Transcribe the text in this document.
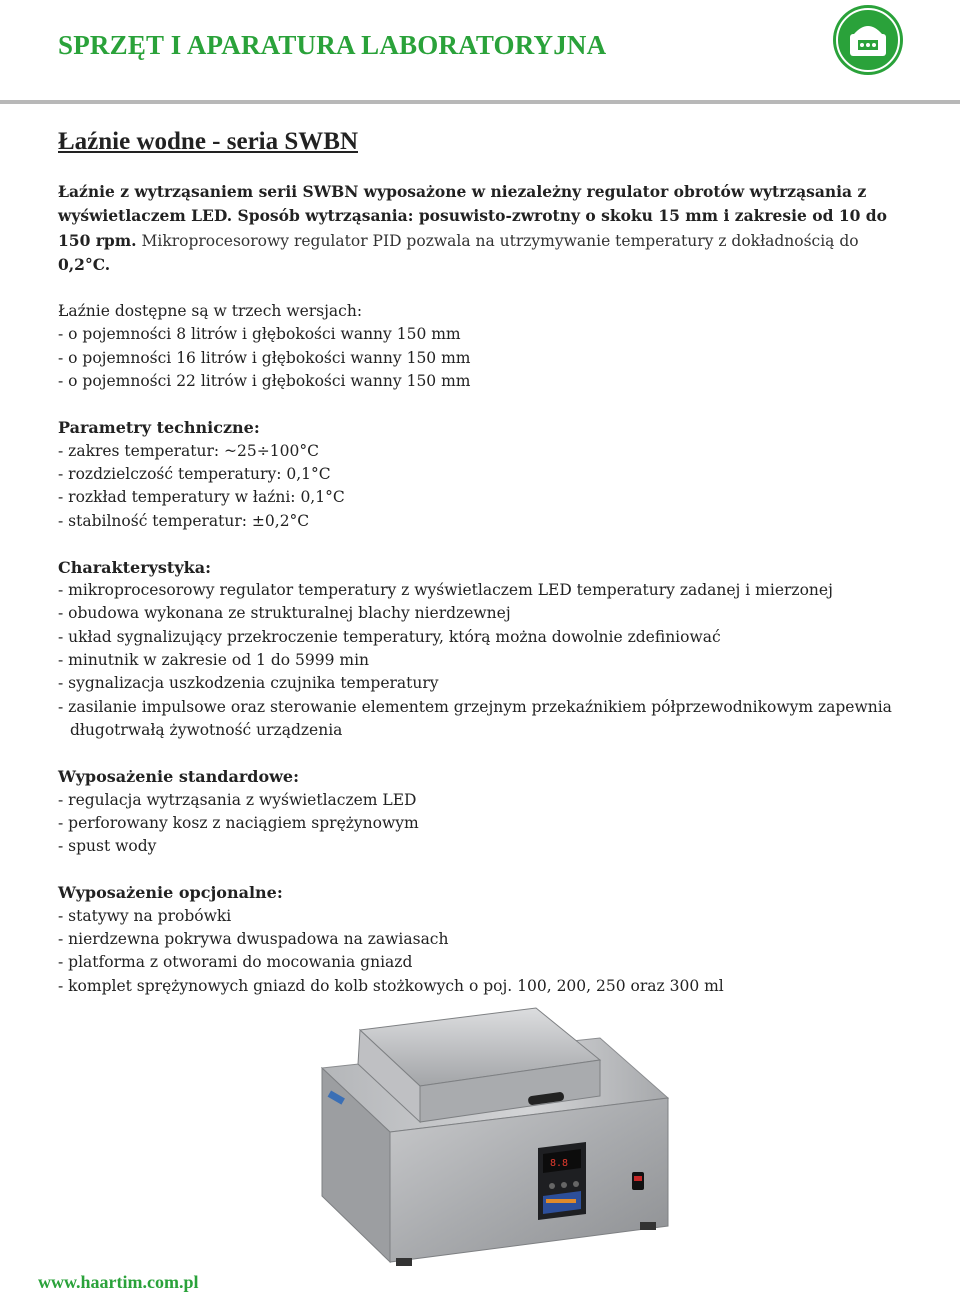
SPRZĘT I APARATURA LABORATORYJNA
Łaźnie wodne - seria SWBN

Łaźnie z wytrząsaniem serii SWBN wyposażone w niezależny regulator obrotów wytrząsania z wyświetlaczem LED. Sposób wytrząsania: posuwisto-zwrotny o skoku 15 mm i zakresie od 10 do 150 rpm. Mikroprocesorowy regulator PID pozwala na utrzymywanie temperatury z dokładnością do 0,2°C.

Łaźnie dostępne są w trzech wersjach:
- o pojemności 8 litrów i głębokości wanny 150 mm
- o pojemności 16 litrów i głębokości wanny 150 mm
- o pojemności 22 litrów i głębokości wanny 150 mm
Parametry techniczne:
- zakres temperatur: ~25÷100°C
- rozdzielczość temperatury: 0,1°C
- rozkład temperatury w łaźni: 0,1°C
- stabilność temperatur: ±0,2°C
Charakterystyka:
- mikroprocesorowy regulator temperatury z wyświetlaczem LED temperatury zadanej i mierzonej
- obudowa wykonana ze strukturalnej blachy nierdzewnej
- układ sygnalizujący przekroczenie temperatury, którą można dowolnie zdefiniować
- minutnik w zakresie od 1 do 5999 min
- sygnalizacja uszkodzenia czujnika temperatury
- zasilanie impulsowe oraz sterowanie elementem grzejnym przekaźnikiem półprzewodnikowym zapewnia
długotrwałą żywotność urządzenia
Wyposażenie standardowe:
- regulacja wytrząsania z wyświetlaczem LED
- perforowany kosz z naciągiem sprężynowym
- spust wody
Wyposażenie opcjonalne:
- statywy na probówki
- nierdzewna pokrywa dwuspadowa na zawiasach
- platforma z otworami do mocowania gniazd
- komplet sprężynowych gniazd do kolb stożkowych o poj. 100, 200, 250 oraz 300 ml
8.8
www.haartim.com.pl
